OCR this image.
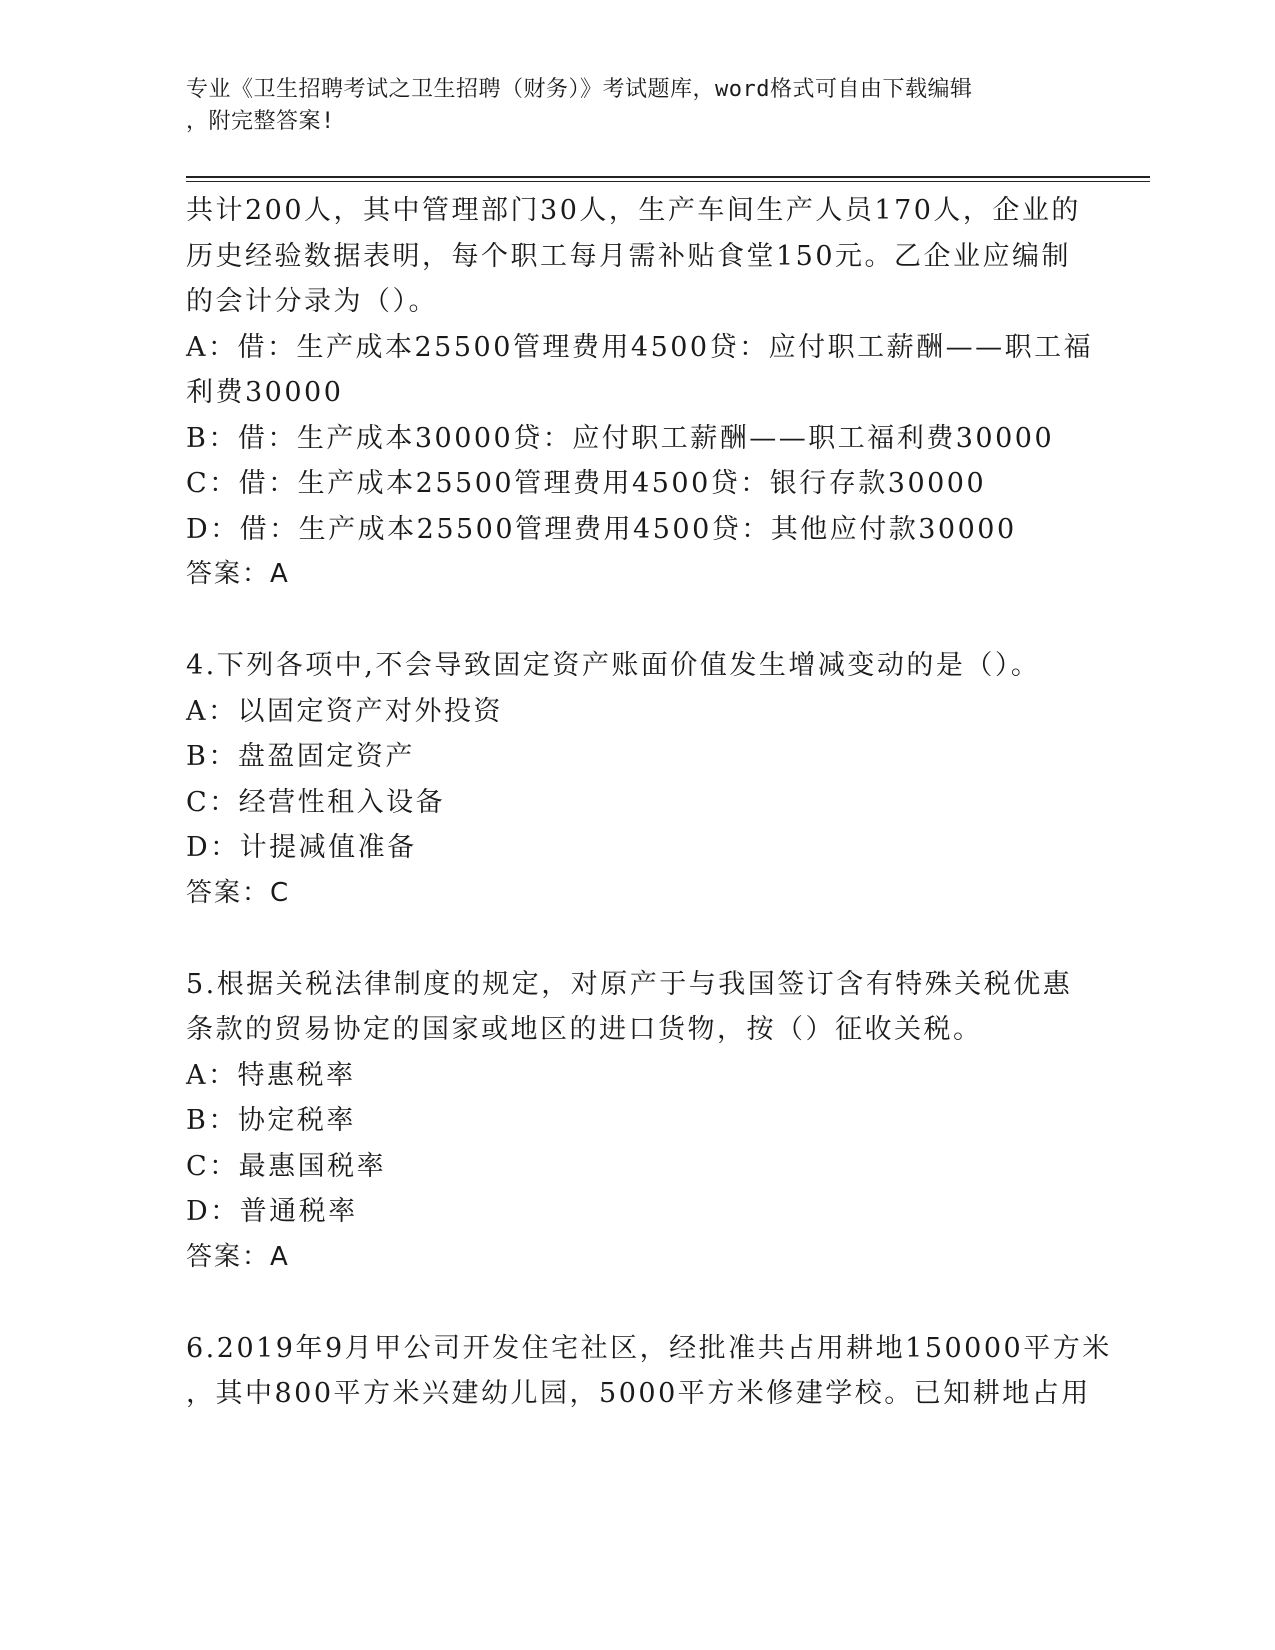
专业《卫生招聘考试之卫生招聘（财务）》考试题库，word格式可自由下载编辑
，附完整答案!
共计200人，其中管理部门30人，生产车间生产人员170人，企业的
历史经验数据表明，每个职工每月需补贴食堂150元。乙企业应编制
的会计分录为（）。
A：借：生产成本25500管理费用4500贷：应付职工薪酬——职工福
利费30000
B：借：生产成本30000贷：应付职工薪酬——职工福利费30000
C：借：生产成本25500管理费用4500贷：银行存款30000
D：借：生产成本25500管理费用4500贷：其他应付款30000
答案：A
4.下列各项中,不会导致固定资产账面价值发生增减变动的是（）。
A：以固定资产对外投资
B：盘盈固定资产
C：经营性租入设备
D：计提减值准备
答案：C
5.根据关税法律制度的规定，对原产于与我国签订含有特殊关税优惠
条款的贸易协定的国家或地区的进口货物，按（）征收关税。
A：特惠税率
B：协定税率
C：最惠国税率
D：普通税率
答案：A
6.2019年9月甲公司开发住宅社区，经批准共占用耕地150000平方米
，其中800平方米兴建幼儿园，5000平方米修建学校。已知耕地占用
